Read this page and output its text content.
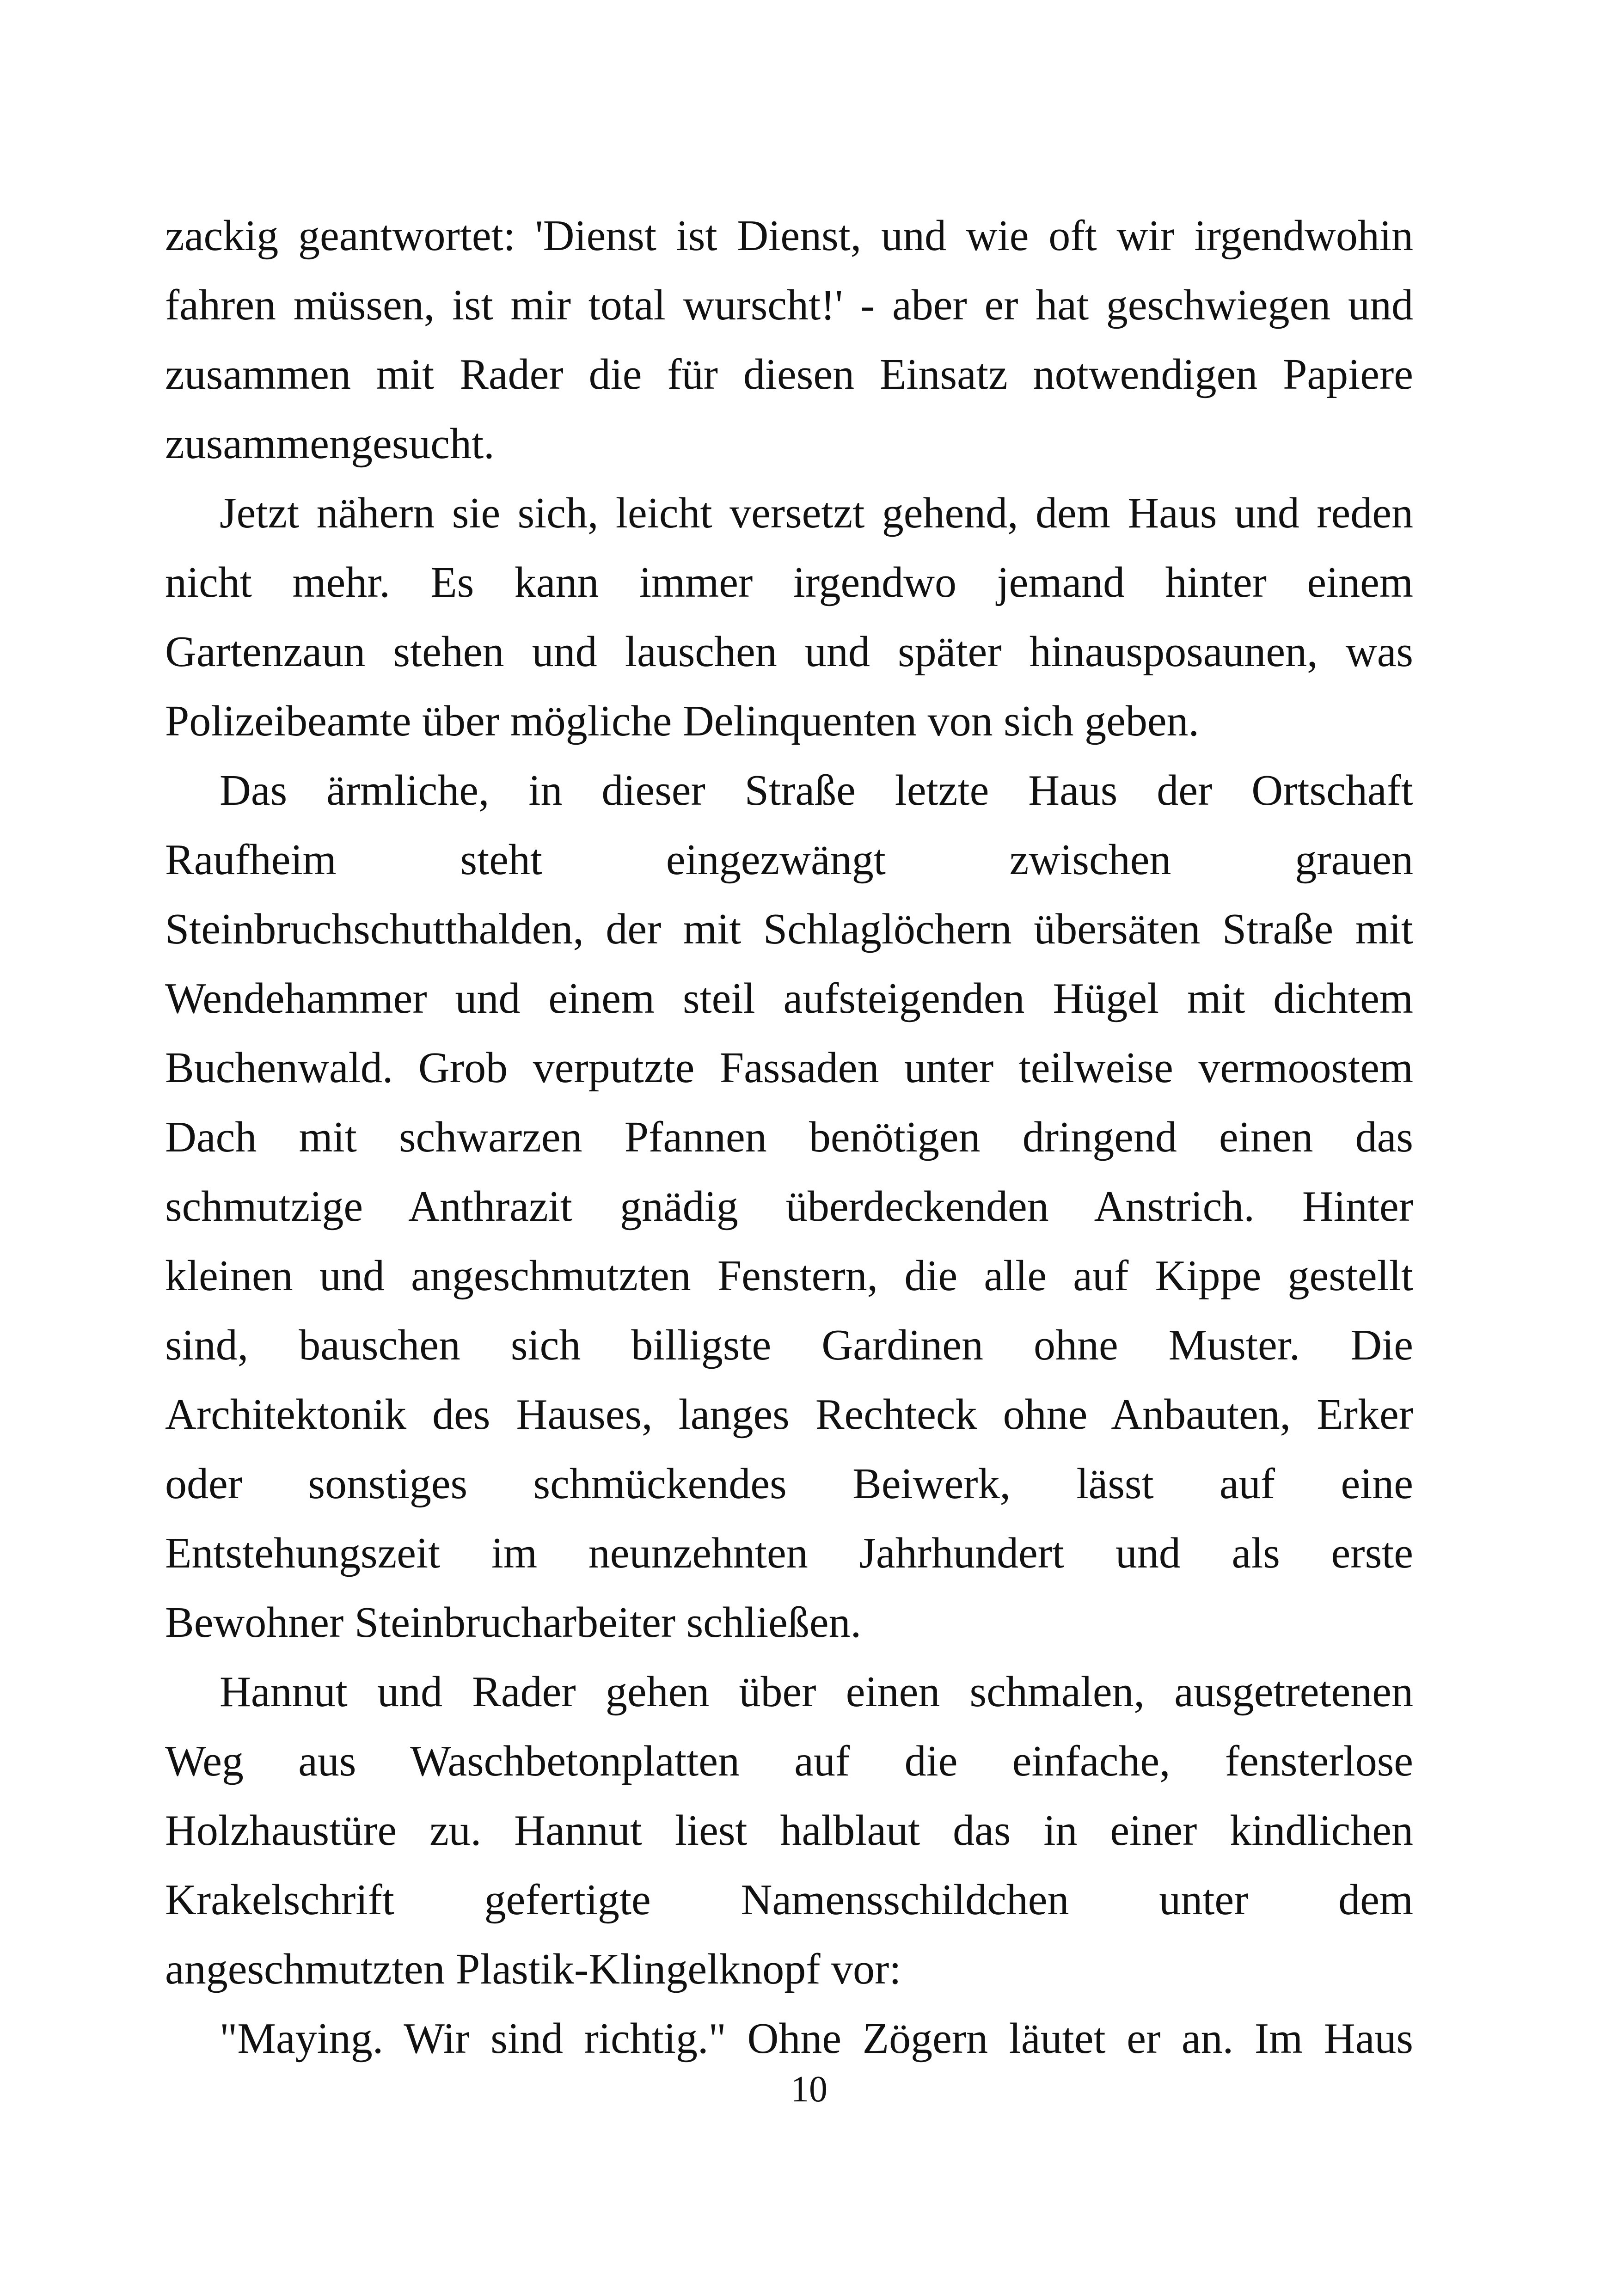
zackig geantwortet: 'Dienst ist Dienst, und wie oft wir irgendwohin
fahren müssen, ist mir total wurscht!' - aber er hat geschwiegen und
zusammen mit Rader die für diesen Einsatz notwendigen Papiere
zusammengesucht.
Jetzt nähern sie sich, leicht versetzt gehend, dem Haus und reden
nicht mehr. Es kann immer irgendwo jemand hinter einem
Gartenzaun stehen und lauschen und später hinausposaunen, was
Polizeibeamte über mögliche Delinquenten von sich geben.
Das ärmliche, in dieser Straße letzte Haus der Ortschaft
Raufheim steht eingezwängt zwischen grauen
Steinbruchschutthalden, der mit Schlaglöchern übersäten Straße mit
Wendehammer und einem steil aufsteigenden Hügel mit dichtem
Buchenwald. Grob verputzte Fassaden unter teilweise vermoostem
Dach mit schwarzen Pfannen benötigen dringend einen das
schmutzige Anthrazit gnädig überdeckenden Anstrich. Hinter
kleinen und angeschmutzten Fenstern, die alle auf Kippe gestellt
sind, bauschen sich billigste Gardinen ohne Muster. Die
Architektonik des Hauses, langes Rechteck ohne Anbauten, Erker
oder sonstiges schmückendes Beiwerk, lässt auf eine
Entstehungszeit im neunzehnten Jahrhundert und als erste
Bewohner Steinbrucharbeiter schließen.
Hannut und Rader gehen über einen schmalen, ausgetretenen
Weg aus Waschbetonplatten auf die einfache, fensterlose
Holzhaustüre zu. Hannut liest halblaut das in einer kindlichen
Krakelschrift gefertigte Namensschildchen unter dem
angeschmutzten Plastik-Klingelknopf vor:
"Maying. Wir sind richtig." Ohne Zögern läutet er an. Im Haus
10
